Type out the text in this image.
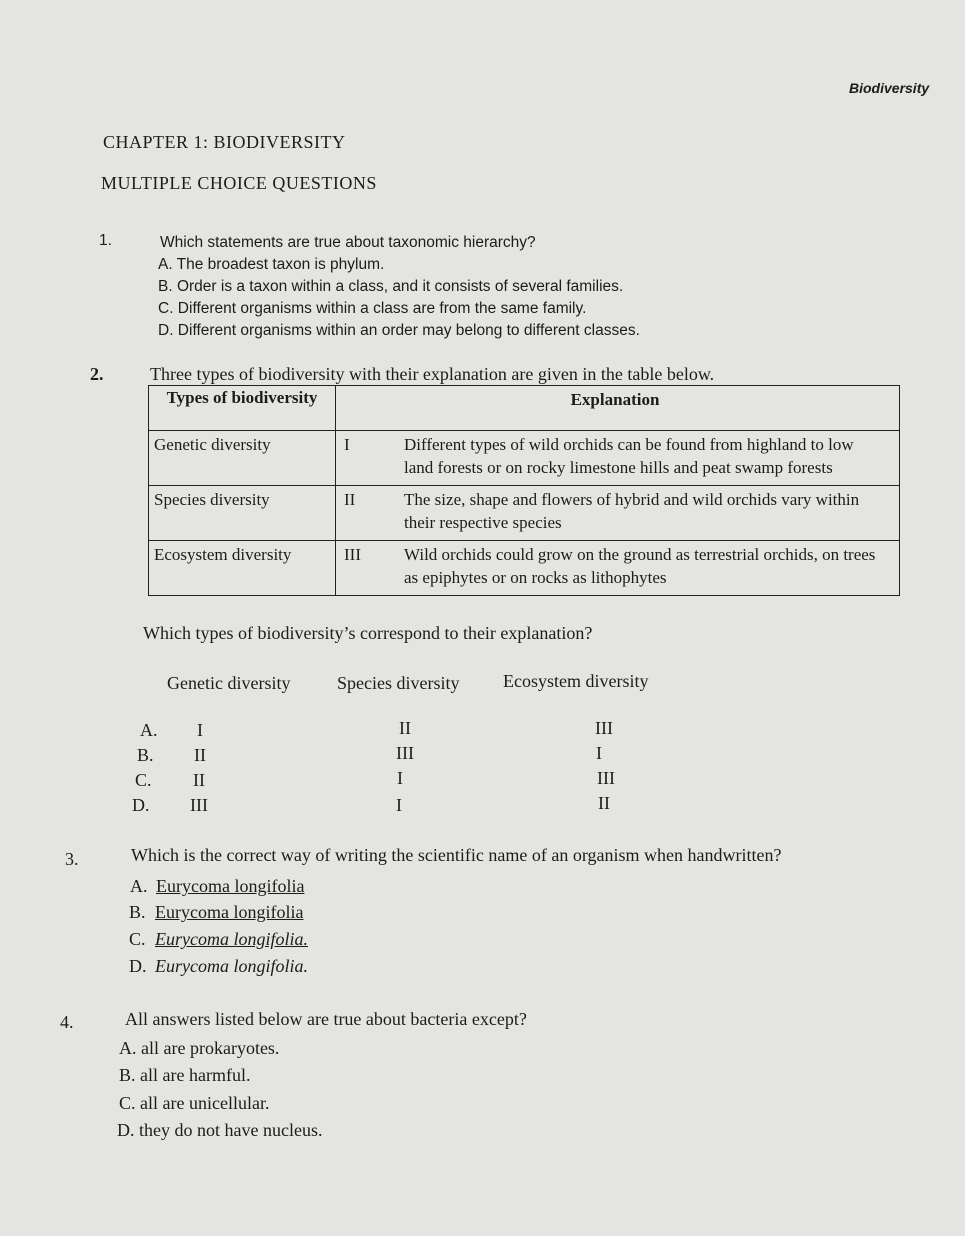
Biodiversity
CHAPTER 1: BIODIVERSITY
MULTIPLE CHOICE QUESTIONS
1.	Which statements are true about taxonomic hierarchy?
A. The broadest taxon is phylum.
B. Order is a taxon within a class, and it consists of several families.
C. Different organisms within a class are from the same family.
D. Different organisms within an order may belong to different classes.
2.	Three types of biodiversity with their explanation are given in the table below.
Types of biodiversity	Explanation
Genetic diversity	I Different types of wild orchids can be found from highland to low land forests or on rocky limestone hills and peat swamp forests

Species diversity	II The size, shape and flowers of hybrid and wild orchids vary within their respective species

Ecosystem diversity	III Wild orchids could grow on the ground as terrestrial orchids, on trees as epiphytes or on rocks as lithophytes
Which types of biodiversity’s correspond to their explanation?
Genetic diversity	Species diversity Ecosystem diversity
A. I	II	III
B. II	III	I
C. II	I	III
D. III	I	II
3.	Which is the correct way of writing the scientific name of an organism when handwritten?
A. Eurycoma longifolia
B. Eurycoma longifolia
C. Eurycoma longifolia.
D. Eurycoma longifolia.
4.	All answers listed below are true about bacteria except?
A. all are prokaryotes.
B. all are harmful.
C. all are unicellular.
D. they do not have nucleus.
